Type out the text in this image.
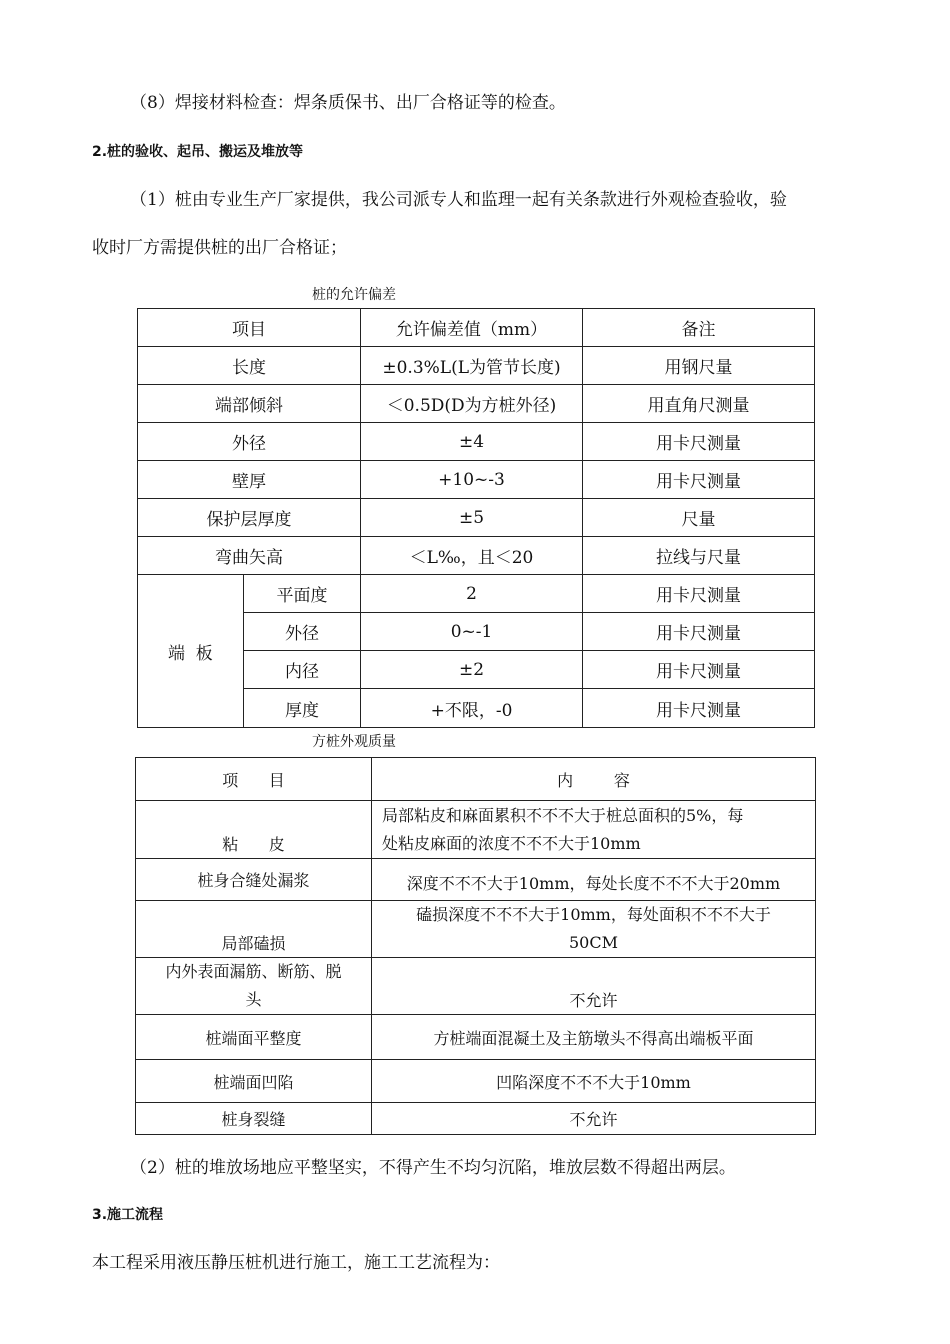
（8）焊接材料检查：焊条质保书、出厂合格证等的检查。
2.桩的验收、起吊、搬运及堆放等
（1）桩由专业生产厂家提供，我公司派专人和监理一起有关条款进行外观检查验收，验
收时厂方需提供桩的出厂合格证；
桩的允许偏差
项目		允许偏差值（mm）	备注
长度		±0.3%L(L为管节长度)	用钢尺量
端部倾斜		＜0.5D(D为方桩外径)	用直角尺测量
外径		±4	用卡尺测量
壁厚		+10~-3	用卡尺测量
保护层厚度		±5	尺量
弯曲矢高		＜L‰，且＜20	拉线与尺量
端  板	平面度	2	用卡尺测量
	外径	0~-1	用卡尺测量
	内径	±2	用卡尺测量
	厚度	+不限，-0	用卡尺测量
方桩外观质量
项      目	内        容
粘      皮	局部粘皮和麻面累积不不不大于桩总面积的5%，每
处粘皮麻面的浓度不不不大于10mm

桩身合缝处漏浆	深度不不不大于10mm，每处长度不不不大于20mm
局部磕损	磕损深度不不不大于10mm，每处面积不不不大于
50CM

内外表面漏筋、断筋、脱
头	不允许
桩端面平整度	方桩端面混凝土及主筋墩头不得高出端板平面
桩端面凹陷	凹陷深度不不不大于10mm
桩身裂缝	不允许
（2）桩的堆放场地应平整坚实，不得产生不均匀沉陷，堆放层数不得超出两层。
3.施工流程
本工程采用液压静压桩机进行施工，施工工艺流程为：
